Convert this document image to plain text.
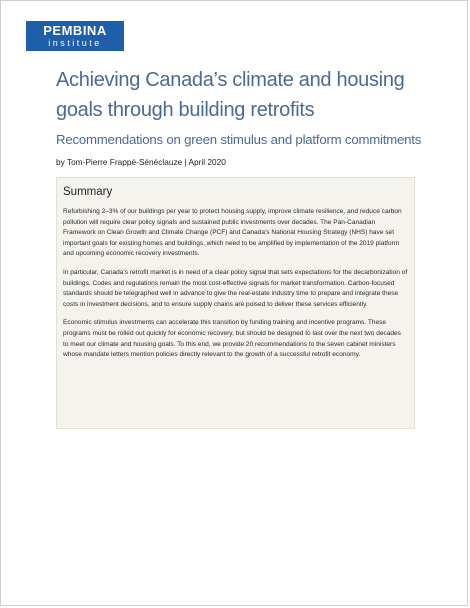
PEMBINA
institute
Achieving Canada’s climate and housing goals through building retrofits
Recommendations on green stimulus and platform commitments
by Tom-Pierre Frappé-Sénéclauze | April 2020
Summary

Refurbishing 2–3% of our buildings per year to protect housing supply, improve climate resilience, and reduce carbon pollution will require clear policy signals and sustained public investments over decades. The Pan-Canadian Framework on Clean Growth and Climate Change (PCF) and Canada’s National Housing Strategy (NHS) have set important goals for existing homes and buildings, which need to be amplified by implementation of the 2019 platform and upcoming economic recovery investments.

In particular, Canada’s retrofit market is in need of a clear policy signal that sets expectations for the decarbonization of buildings. Codes and regulations remain the most cost-effective signals for market transformation. Carbon-focused standards should be telegraphed well in advance to give the real-estate industry time to prepare and integrate these costs in investment decisions, and to ensure supply chains are poised to deliver these services efficiently.

Economic stimulus investments can accelerate this transition by funding training and incentive programs. These programs must be rolled out quickly for economic recovery, but should be designed to last over the next two decades to meet our climate and housing goals. To this end, we provide 20 recommendations to the seven cabinet ministers whose mandate letters mention policies directly relevant to the growth of a successful retrofit economy.
